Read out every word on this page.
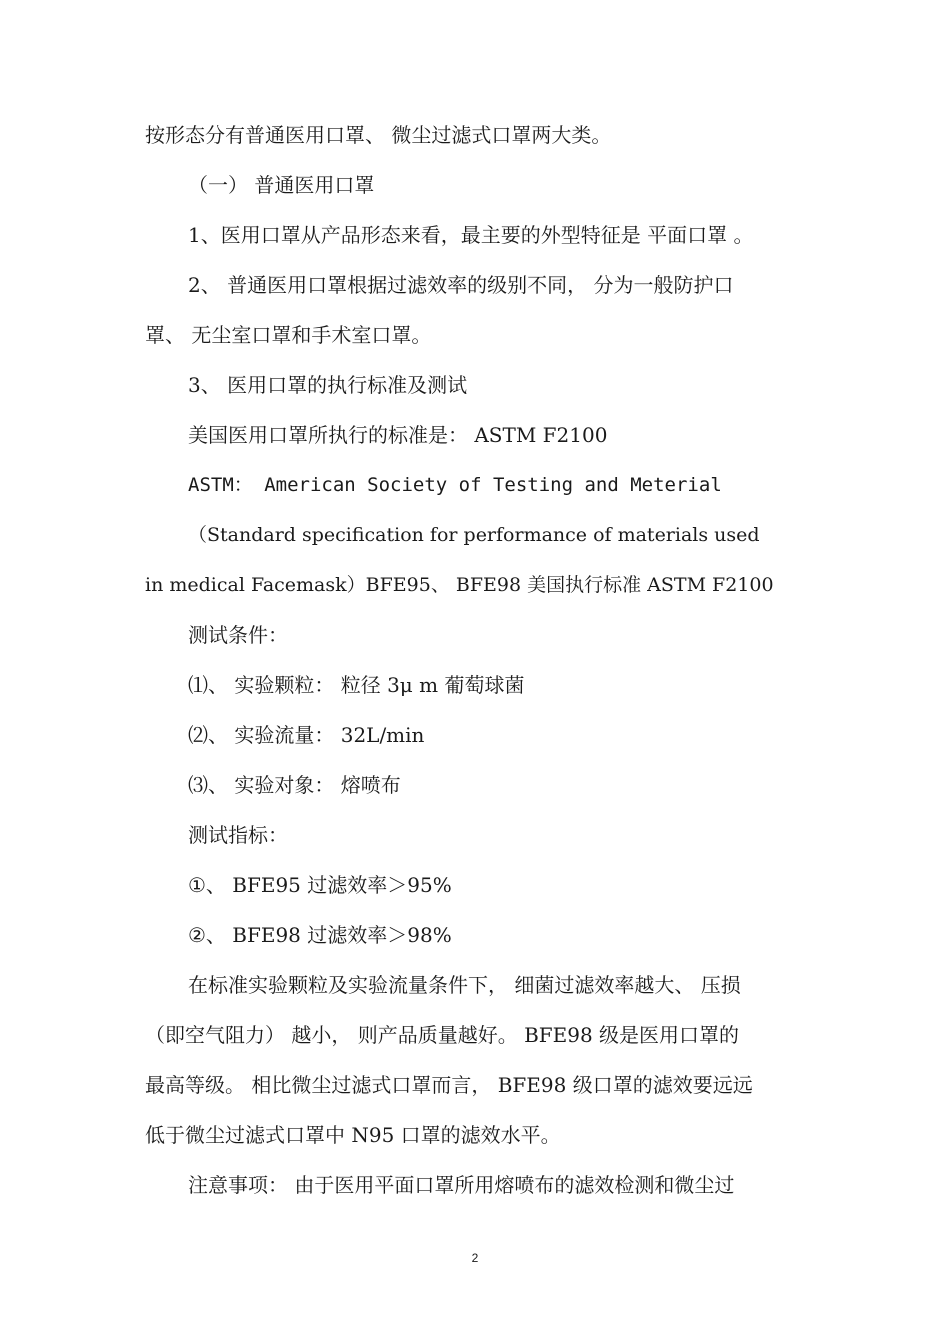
按形态分有普通医用口罩、 微尘过滤式口罩两大类。
（一） 普通医用口罩
1、医用口罩从产品形态来看，最主要的外型特征是 平面口罩 。
2、 普通医用口罩根据过滤效率的级别不同， 分为一般防护口
罩、 无尘室口罩和手术室口罩。
3、 医用口罩的执行标准及测试
美国医用口罩所执行的标准是： ASTM F2100
ASTM： American Society of Testing and Meterial
（Standard specification for performance of materials used
in medical Facemask）BFE95、 BFE98 美国执行标准 ASTM F2100
测试条件：
⑴、 实验颗粒： 粒径 3μ m 葡萄球菌
⑵、 实验流量： 32L/min
⑶、 实验对象： 熔喷布
测试指标：
①、 BFE95 过滤效率＞95%
②、 BFE98 过滤效率＞98%
在标准实验颗粒及实验流量条件下， 细菌过滤效率越大、 压损
（即空气阻力） 越小， 则产品质量越好。 BFE98 级是医用口罩的
最高等级。 相比微尘过滤式口罩而言， BFE98 级口罩的滤效要远远
低于微尘过滤式口罩中 N95 口罩的滤效水平。
注意事项： 由于医用平面口罩所用熔喷布的滤效检测和微尘过
2
